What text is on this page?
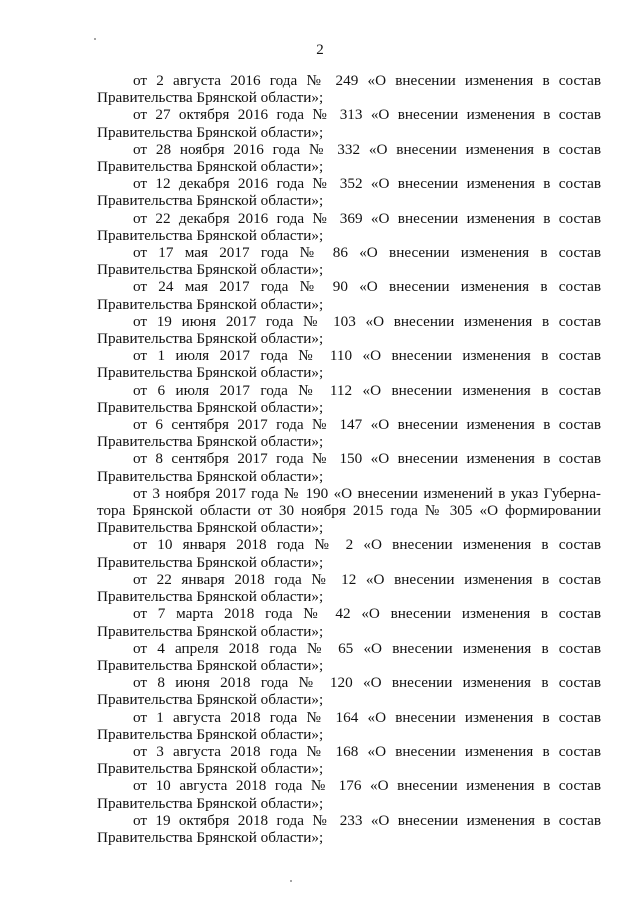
2

от 2 августа 2016 года № 249 «О внесении изменения в состав
Правительства Брянской области»;

от 27 октября 2016 года № 313 «О внесении изменения в состав
Правительства Брянской области»;

от 28 ноября 2016 года № 332 «О внесении изменения в состав
Правительства Брянской области»;

от 12 декабря 2016 года № 352 «О внесении изменения в состав
Правительства Брянской области»;

от 22 декабря 2016 года № 369 «О внесении изменения в состав
Правительства Брянской области»;

от 17 мая 2017 года № 86 «О внесении изменения в состав
Правительства Брянской области»;

от 24 мая 2017 года № 90 «О внесении изменения в состав
Правительства Брянской области»;

от 19 июня 2017 года № 103 «О внесении изменения в состав
Правительства Брянской области»;

от 1 июля 2017 года № 110 «О внесении изменения в состав
Правительства Брянской области»;

от 6 июля 2017 года № 112 «О внесении изменения в состав
Правительства Брянской области»;

от 6 сентября 2017 года № 147 «О внесении изменения в состав
Правительства Брянской области»;

от 8 сентября 2017 года № 150 «О внесении изменения в состав
Правительства Брянской области»;

от 3 ноября 2017 года № 190 «О внесении изменений в указ Губерна-
тора Брянской области от 30 ноября 2015 года № 305 «О формировании
Правительства Брянской области»;

от 10 января 2018 года № 2 «О внесении изменения в состав
Правительства Брянской области»;

от 22 января 2018 года № 12 «О внесении изменения в состав
Правительства Брянской области»;

от 7 марта 2018 года № 42 «О внесении изменения в состав
Правительства Брянской области»;

от 4 апреля 2018 года № 65 «О внесении изменения в состав
Правительства Брянской области»;

от 8 июня 2018 года № 120 «О внесении изменения в состав
Правительства Брянской области»;

от 1 августа 2018 года № 164 «О внесении изменения в состав
Правительства Брянской области»;

от 3 августа 2018 года № 168 «О внесении изменения в состав
Правительства Брянской области»;

от 10 августа 2018 года № 176 «О внесении изменения в состав
Правительства Брянской области»;

от 19 октября 2018 года № 233 «О внесении изменения в состав
Правительства Брянской области»;
